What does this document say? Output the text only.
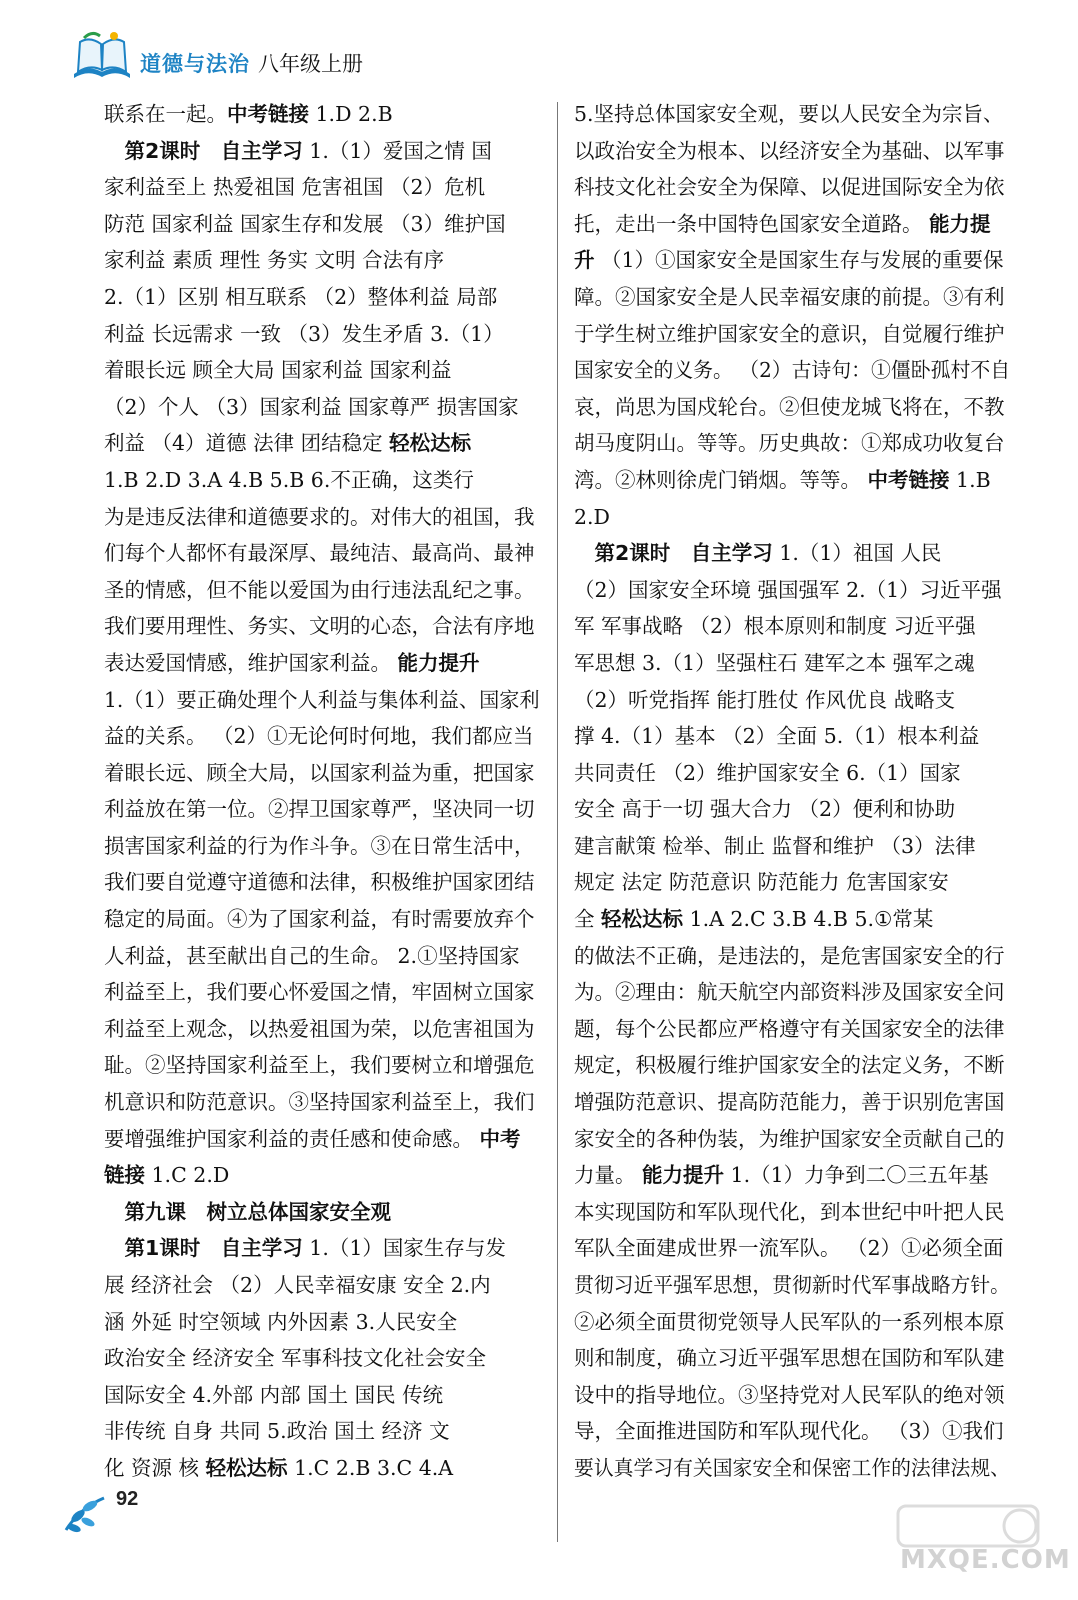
道德与法治 八年级上册
联系在一起。中考链接 1.D 2.B
　第2课时　 自主学习 1.（1）爱国之情 国
家利益至上 热爱祖国 危害祖国 （2）危机
防范 国家利益 国家生存和发展 （3）维护国
家利益 素质 理性 务实 文明 合法有序
2.（1）区别 相互联系 （2）整体利益 局部
利益 长远需求 一致 （3）发生矛盾 3.（1）
着眼长远 顾全大局 国家利益 国家利益
（2）个人 （3）国家利益 国家尊严 损害国家
利益 （4）道德 法律 团结稳定 轻松达标
1.B 2.D 3.A 4.B 5.B 6.不正确，这类行
为是违反法律和道德要求的。对伟大的祖国，我
们每个人都怀有最深厚、最纯洁、最高尚、最神
圣的情感，但不能以爱国为由行违法乱纪之事。
我们要用理性、务实、文明的心态，合法有序地
表达爱国情感，维护国家利益。 能力提升
1.（1）要正确处理个人利益与集体利益、国家利
益的关系。 （2）①无论何时何地，我们都应当
着眼长远、顾全大局，以国家利益为重，把国家
利益放在第一位。②捍卫国家尊严，坚决同一切
损害国家利益的行为作斗争。③在日常生活中，
我们要自觉遵守道德和法律，积极维护国家团结
稳定的局面。④为了国家利益，有时需要放弃个
人利益，甚至献出自己的生命。 2.①坚持国家
利益至上，我们要心怀爱国之情，牢固树立国家
利益至上观念，以热爱祖国为荣，以危害祖国为
耻。②坚持国家利益至上，我们要树立和增强危
机意识和防范意识。③坚持国家利益至上，我们
要增强维护国家利益的责任感和使命感。 中考
链接 1.C 2.D
　第九课　树立总体国家安全观
　第1课时　 自主学习 1.（1）国家生存与发
展 经济社会 （2）人民幸福安康 安全 2.内
涵 外延 时空领域 内外因素 3.人民安全
政治安全 经济安全 军事科技文化社会安全
国际安全 4.外部 内部 国土 国民 传统
非传统 自身 共同 5.政治 国土 经济 文
化 资源 核 轻松达标 1.C 2.B 3.C 4.A
5.坚持总体国家安全观，要以人民安全为宗旨、
以政治安全为根本、以经济安全为基础、以军事
科技文化社会安全为保障、以促进国际安全为依
托，走出一条中国特色国家安全道路。 能力提
升 （1）①国家安全是国家生存与发展的重要保
障。②国家安全是人民幸福安康的前提。③有利
于学生树立维护国家安全的意识，自觉履行维护
国家安全的义务。 （2）古诗句：①僵卧孤村不自
哀，尚思为国戍轮台。②但使龙城飞将在，不教
胡马度阴山。等等。历史典故：①郑成功收复台
湾。②林则徐虎门销烟。等等。 中考链接 1.B
2.D
　第2课时　 自主学习 1.（1）祖国 人民
（2）国家安全环境 强国强军 2.（1）习近平强
军 军事战略 （2）根本原则和制度 习近平强
军思想 3.（1）坚强柱石 建军之本 强军之魂
（2）听党指挥 能打胜仗 作风优良 战略支
撑 4.（1）基本 （2）全面 5.（1）根本利益
共同责任 （2）维护国家安全 6.（1）国家
安全 高于一切 强大合力 （2）便利和协助
建言献策 检举、制止 监督和维护 （3）法律
规定 法定 防范意识 防范能力 危害国家安
全 轻松达标 1.A 2.C 3.B 4.B 5.①常某
的做法不正确，是违法的，是危害国家安全的行
为。②理由：航天航空内部资料涉及国家安全问
题，每个公民都应严格遵守有关国家安全的法律
规定，积极履行维护国家安全的法定义务，不断
增强防范意识、提高防范能力，善于识别危害国
家安全的各种伪装，为维护国家安全贡献自己的
力量。 能力提升 1.（1）力争到二〇三五年基
本实现国防和军队现代化，到本世纪中叶把人民
军队全面建成世界一流军队。 （2）①必须全面
贯彻习近平强军思想，贯彻新时代军事战略方针。
②必须全面贯彻党领导人民军队的一系列根本原
则和制度，确立习近平强军思想在国防和军队建
设中的指导地位。③坚持党对人民军队的绝对领
导，全面推进国防和军队现代化。 （3）①我们
要认真学习有关国家安全和保密工作的法律法规、
92
MXQE.COM
